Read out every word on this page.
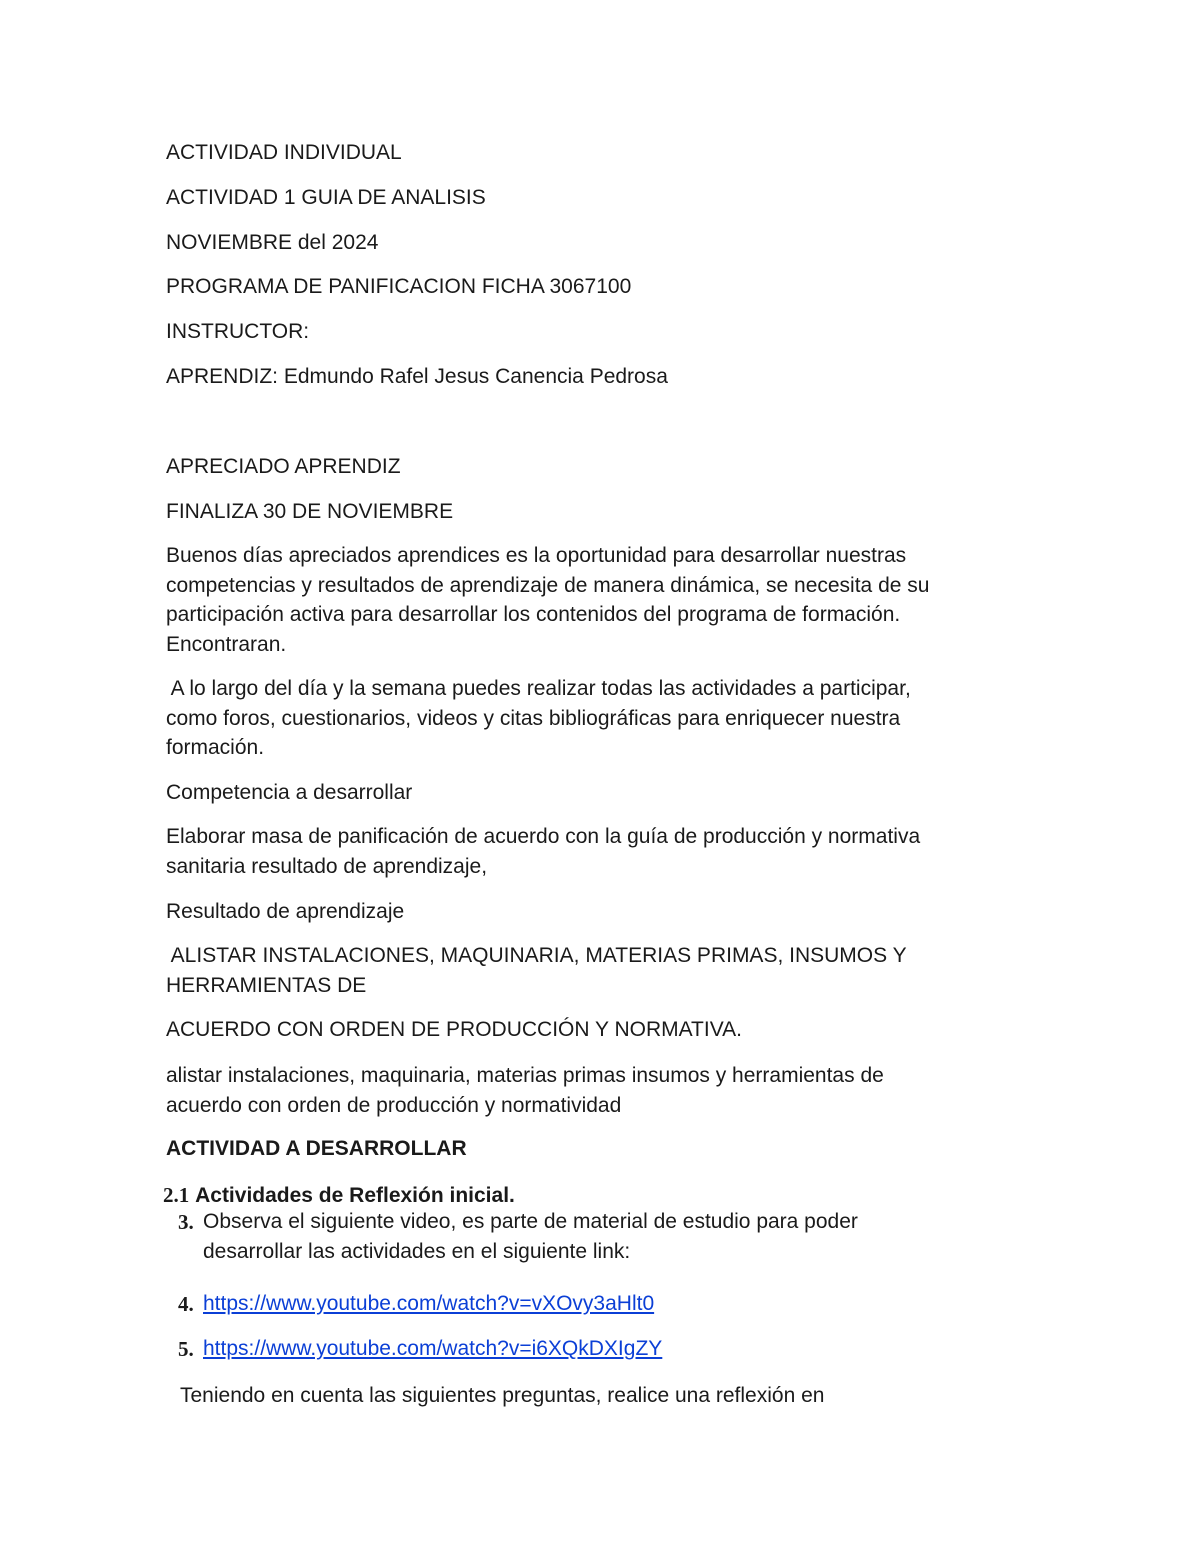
ACTIVIDAD INDIVIDUAL

ACTIVIDAD 1 GUIA DE ANALISIS

NOVIEMBRE del 2024

PROGRAMA DE PANIFICACION FICHA 3067100

INSTRUCTOR:

APRENDIZ: Edmundo Rafel Jesus Canencia Pedrosa

APRECIADO APRENDIZ

FINALIZA 30 DE NOVIEMBRE

Buenos días apreciados aprendices es la oportunidad para desarrollar nuestras
competencias y resultados de aprendizaje de manera dinámica, se necesita de su
participación activa para desarrollar los contenidos del programa de formación.
Encontraran.
A lo largo del día y la semana puedes realizar todas las actividades a participar,
como foros, cuestionarios, videos y citas bibliográficas para enriquecer nuestra
formación.

Competencia a desarrollar

Elaborar masa de panificación de acuerdo con la guía de producción y normativa
sanitaria resultado de aprendizaje,

Resultado de aprendizaje

ALISTAR INSTALACIONES, MAQUINARIA, MATERIAS PRIMAS, INSUMOS Y
HERRAMIENTAS DE

ACUERDO CON ORDEN DE PRODUCCIÓN Y NORMATIVA.

alistar instalaciones, maquinaria, materias primas insumos y herramientas de
acuerdo con orden de producción y normatividad

ACTIVIDAD A DESARROLLAR

2.1 Actividades de Reflexión inicial.

3. Observa el siguiente video, es parte de material de estudio para poder
desarrollar las actividades en el siguiente link:
4. https://www.youtube.com/watch?v=vXOvy3aHlt0
5. https://www.youtube.com/watch?v=i6XQkDXIgZY

Teniendo en cuenta las siguientes preguntas, realice una reflexión en
